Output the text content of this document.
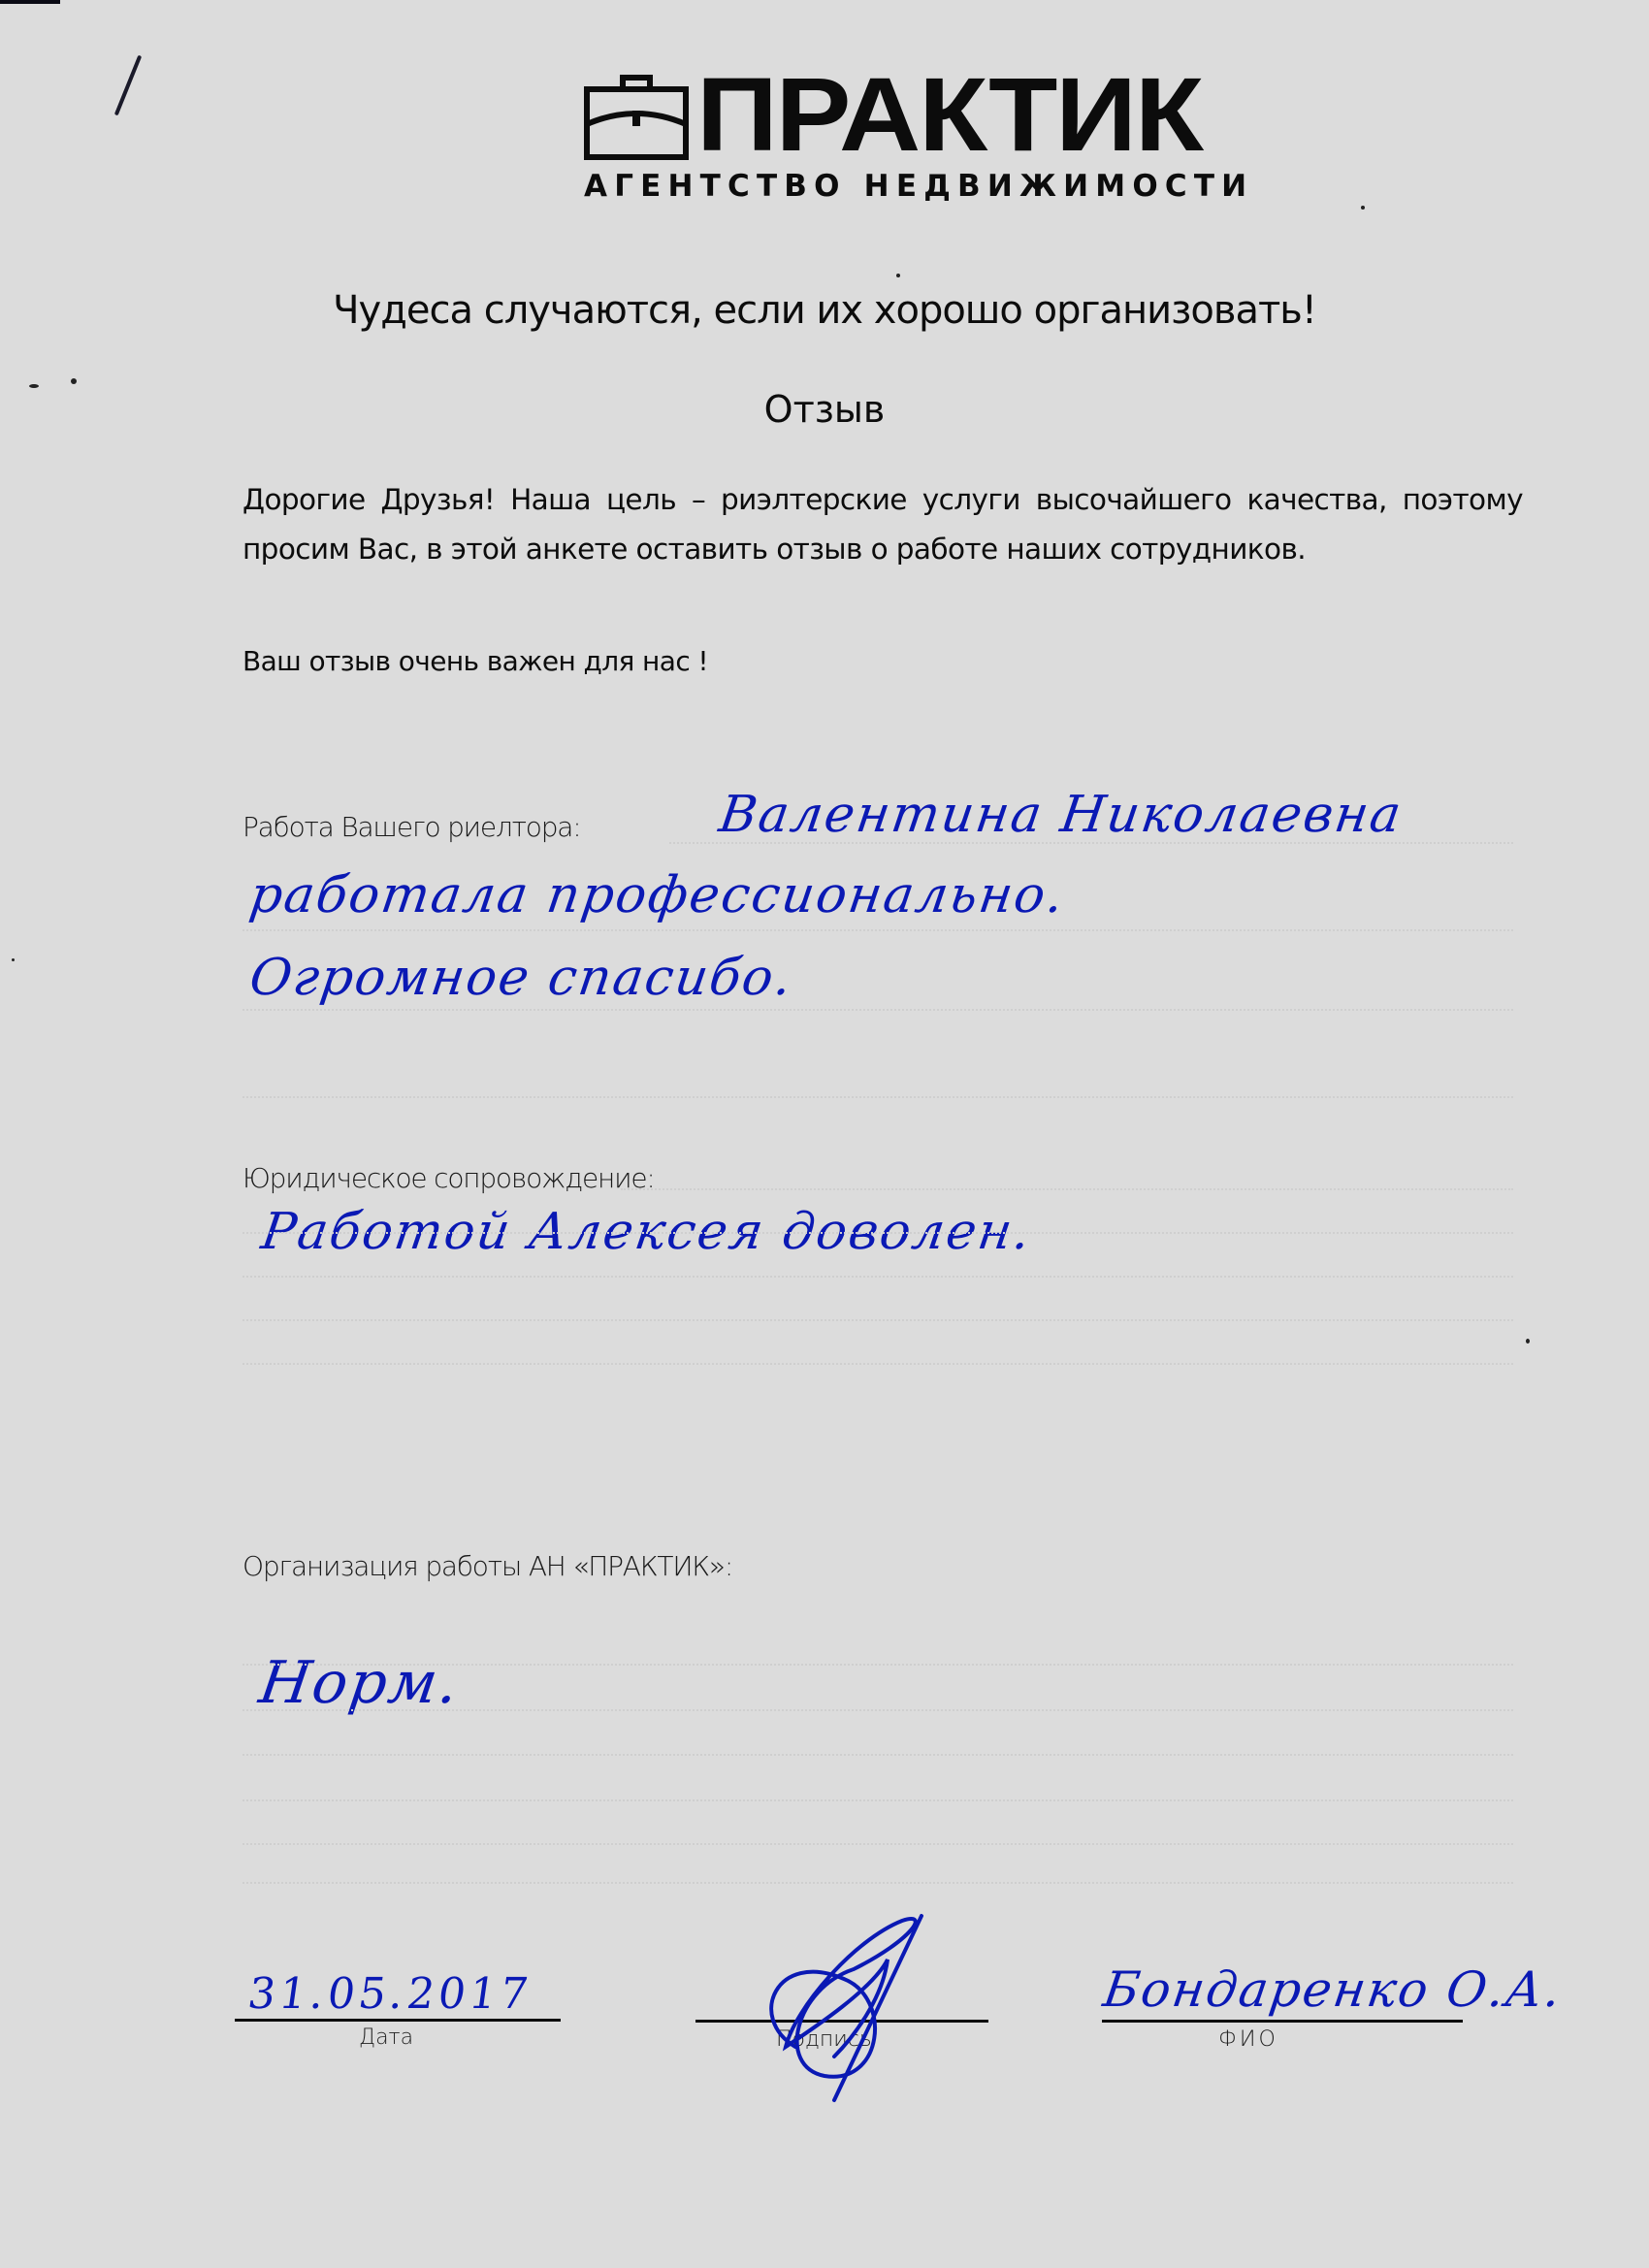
ПРАКТИК
АГЕНТСТВО НЕДВИЖИМОСТИ
Чудеса случаются, если их хорошо организовать!
Отзыв

Дорогие Друзья! Наша цель – риэлтерские услуги высочайшего качества, поэтому просим Вас, в этой анкете оставить отзыв о работе наших сотрудников.

Ваш отзыв очень важен для нас !
Работа Вашего риелтора:	Валентина Николаевна
работала профессионально.
Огромное спасибо.
Юридическое сопровождение:
Работой Алексея доволен.
Организация работы АН «ПРАКТИК»:
Норм.
31.05.2017
Дата	Подпись
Бондаренко О.А.
ФИО
